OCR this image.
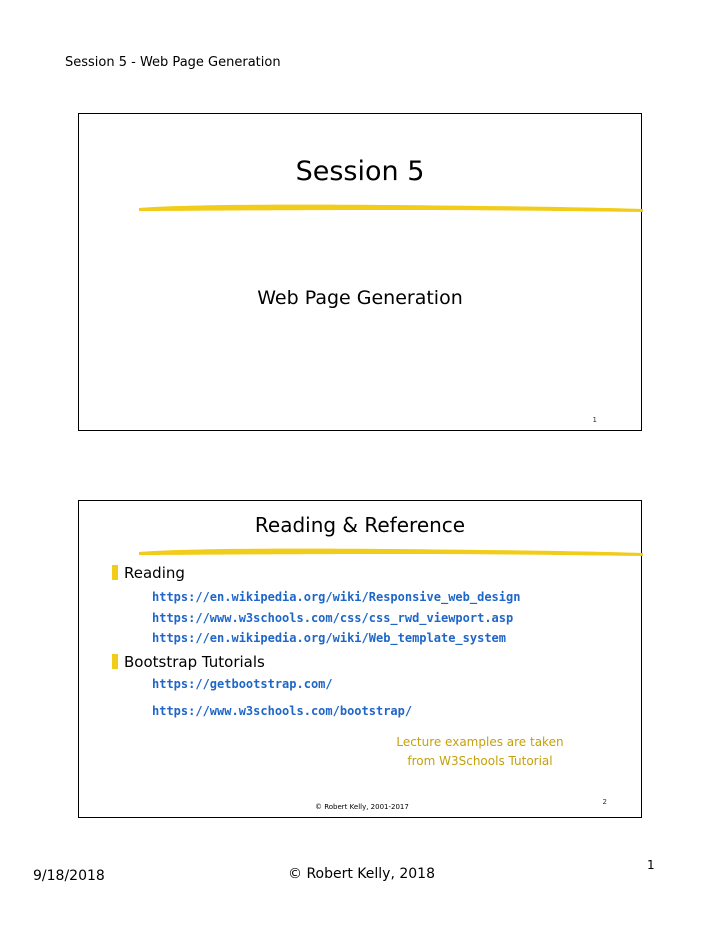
Session 5 - Web Page Generation
Session 5
Web Page Generation
1
Reading & Reference
Reading
https://en.wikipedia.org/wiki/Responsive_web_design
https://www.w3schools.com/css/css_rwd_viewport.asp
https://en.wikipedia.org/wiki/Web_template_system
Bootstrap Tutorials
https://getbootstrap.com/
https://www.w3schools.com/bootstrap/
Lecture examples are taken
from W3Schools Tutorial
© Robert Kelly, 2001-2017
2
9/18/2018	© Robert Kelly, 2018
1
